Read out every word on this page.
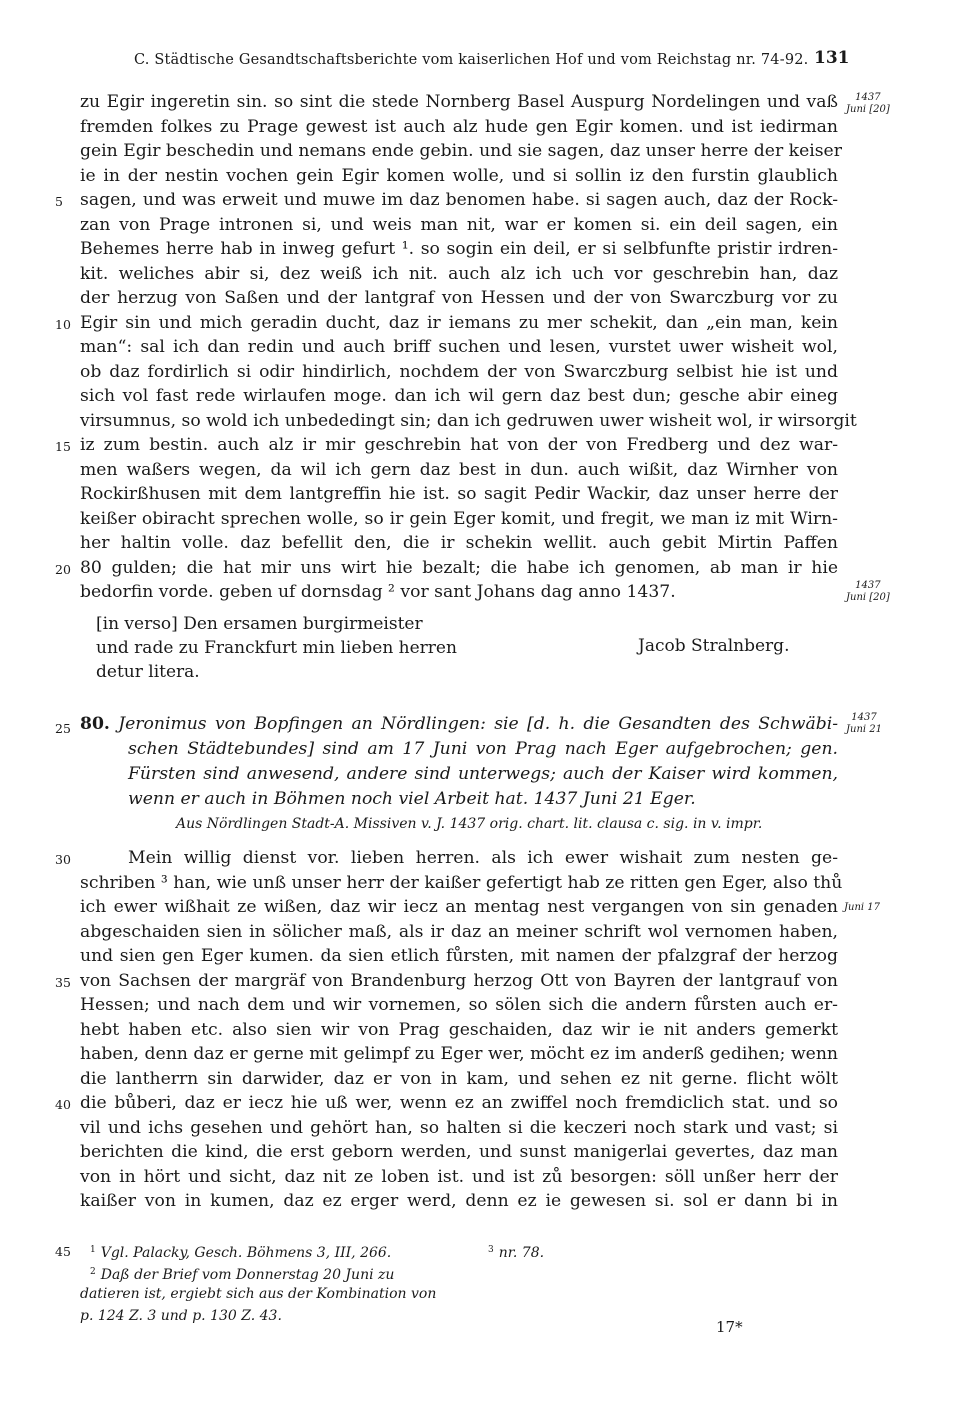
C. Städtische Gesandtschaftsberichte vom kaiserlichen Hof und vom Reichstag nr. 74-92. 131
zu Egir ingeretin sin. so sint die stede Nornberg Basel Auspurg Nordelingen und vaß
fremden folkes zu Prage gewest ist auch alz hude gen Egir komen. und ist iedirman
gein Egir beschedin und nemans ende gebin. und sie sagen, daz unser herre der keiser
ie in der nestin vochen gein Egir komen wolle, und si sollin iz den furstin glaublich
5 sagen, und was erweit und muwe im daz benomen habe. si sagen auch, daz der Rock-
zan von Prage intronen si, und weis man nit, war er komen si. ein deil sagen, ein
Behemes herre hab in inweg gefurt ¹. so sogin ein deil, er si selbfunfte pristir irdren-
kit. weliches abir si, dez weiß ich nit. auch alz ich uch vor geschrebin han, daz
der herzug von Saßen und der lantgraf von Hessen und der von Swarczburg vor zu
10 Egir sin und mich geradin ducht, daz ir iemans zu mer schekit, dan „ein man, kein
man“: sal ich dan redin und auch briff suchen und lesen, vurstet uwer wisheit wol,
ob daz fordirlich si odir hindirlich, nochdem der von Swarczburg selbist hie ist und
sich vol fast rede wirlaufen moge. dan ich wil gern daz best dun; gesche abir eineg
virsumnus, so wold ich unbededingt sin; dan ich gedruwen uwer wisheit wol, ir wirsorgit
15 iz zum bestin. auch alz ir mir geschrebin hat von der von Fredberg und dez war-
men waßers wegen, da wil ich gern daz best in dun. auch wißit, daz Wirnher von
Rockirßhusen mit dem lantgreffin hie ist. so sagit Pedir Wackir, daz unser herre der
keißer obiracht sprechen wolle, so ir gein Eger komit, und fregit, we man iz mit Wirn-
her haltin volle. daz befellit den, die ir schekin wellit. auch gebit Mirtin Paffen
20 80 gulden; die hat mir uns wirt hie bezalt; die habe ich genomen, ab man ir hie
bedorfin vorde. geben uf dornsdag ² vor sant Johans dag anno 1437.
1437
Juni [20]
1437
Juni [20]
[in verso] Den ersamen burgirmeister
und rade zu Franckfurt min lieben herren
detur litera.
Jacob Stralnberg.
25 80. Jeronimus von Bopfingen an Nördlingen: sie [d. h. die Gesandten des Schwäbi-
schen Städtebundes] sind am 17 Juni von Prag nach Eger aufgebrochen; gen.
Fürsten sind anwesend, andere sind unterwegs; auch der Kaiser wird kommen,
wenn er auch in Böhmen noch viel Arbeit hat. 1437 Juni 21 Eger.
1437
Juni 21
Aus Nördlingen Stadt-A. Missiven v. J. 1437 orig. chart. lit. clausa c. sig. in v. impr.
30	Mein willig dienst vor. lieben herren. als ich ewer wishait zum nesten ge-
schriben ³ han, wie unß unser herr der kaißer gefertigt hab ze ritten gen Eger, also thů
ich ewer wißhait ze wißen, daz wir iecz an mentag nest vergangen von sin genaden
abgeschaiden sien in sölicher maß, als ir daz an meiner schrift wol vernomen haben,
und sien gen Eger kumen. da sien etlich fůrsten, mit namen der pfalzgraf der herzog
35 von Sachsen der margräf von Brandenburg herzog Ott von Bayren der lantgrauf von
Hessen; und nach dem und wir vornemen, so sölen sich die andern fůrsten auch er-
hebt haben etc. also sien wir von Prag geschaiden, daz wir ie nit anders gemerkt
haben, denn daz er gerne mit gelimpf zu Eger wer, möcht ez im anderß gedihen; wenn
die lantherrn sin darwider, daz er von in kam, und sehen ez nit gerne. flicht wölt
40 die bůberi, daz er iecz hie uß wer, wenn ez an zwiffel noch fremdiclich stat. und so
vil und ichs gesehen und gehört han, so halten si die keczeri noch stark und vast; si
berichten die kind, die erst geborn werden, und sunst manigerlai gevertes, daz man
von in hört und sicht, daz nit ze loben ist. und ist zů besorgen: söll unßer herr der
kaißer von in kumen, daz ez erger werd, denn ez ie gewesen si. sol er dann bi in
Juni 17
45 $^1$ Vgl. Palacky, Gesch. Böhmens 3, III, 266.	$^3$ nr. 78.
$^2$ Daß der Brief vom Donnerstag 20 Juni zu
datieren ist, ergiebt sich aus der Kombination von
p. 124 Z. 3 und p. 130 Z. 43.
17*
